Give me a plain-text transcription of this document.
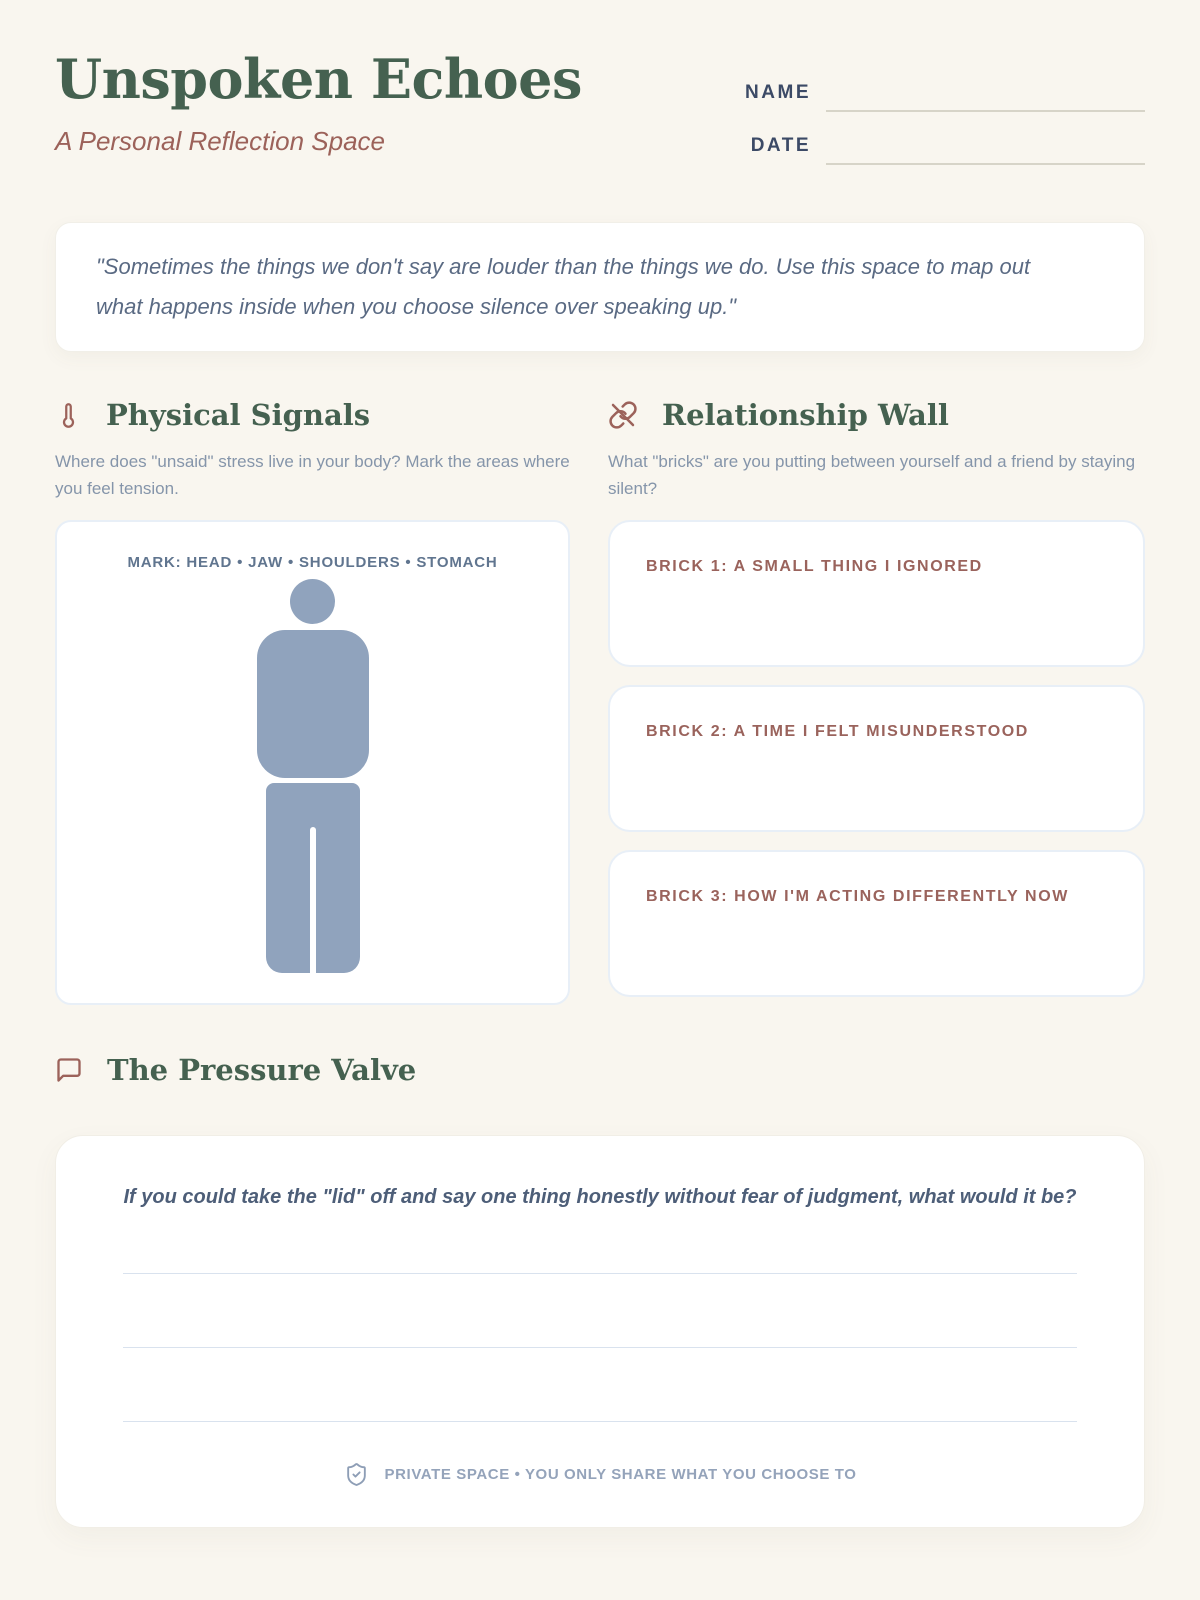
Unspoken Echoes
A Personal Reflection Space
NAME
DATE
"Sometimes the things we don't say are louder than the things we do. Use this space to map out what happens inside when you choose silence over speaking up."
Physical Signals
Where does "unsaid" stress live in your body? Mark the areas where you feel tension.
MARK: HEAD • JAW • SHOULDERS • STOMACH
Relationship Wall
What "bricks" are you putting between yourself and a friend by staying silent?
BRICK 1: A SMALL THING I IGNORED
BRICK 2: A TIME I FELT MISUNDERSTOOD
BRICK 3: HOW I'M ACTING DIFFERENTLY NOW
The Pressure Valve
If you could take the "lid" off and say one thing honestly without fear of judgment, what would it be?
PRIVATE SPACE • YOU ONLY SHARE WHAT YOU CHOOSE TO
